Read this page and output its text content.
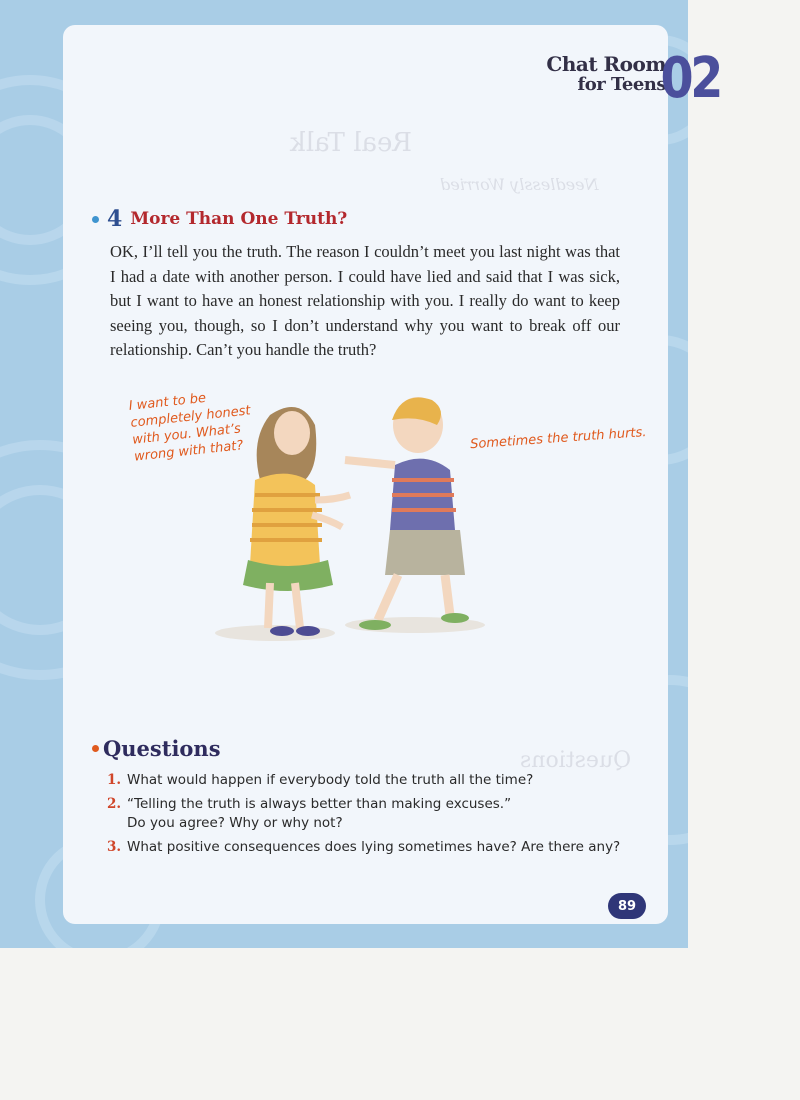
Real Talk
Needlessly Worried
Questions
Chat Room
for Teens
02
4 More Than One Truth?
OK, I’ll tell you the truth. The reason I couldn’t meet you last night was that I had a date with another person. I could have lied and said that I was sick, but I want to have an honest relationship with you. I really do want to keep seeing you, though, so I don’t understand why you want to break off our relationship. Can’t you handle the truth?
I want to be completely honest with you. What’s wrong with that?	Sometimes the truth hurts.
Questions
1. What would happen if everybody told the truth all the time?
2. “Telling the truth is always better than making excuses.”
Do you agree? Why or why not?
3. What positive consequences does lying sometimes have? Are there any?
89
